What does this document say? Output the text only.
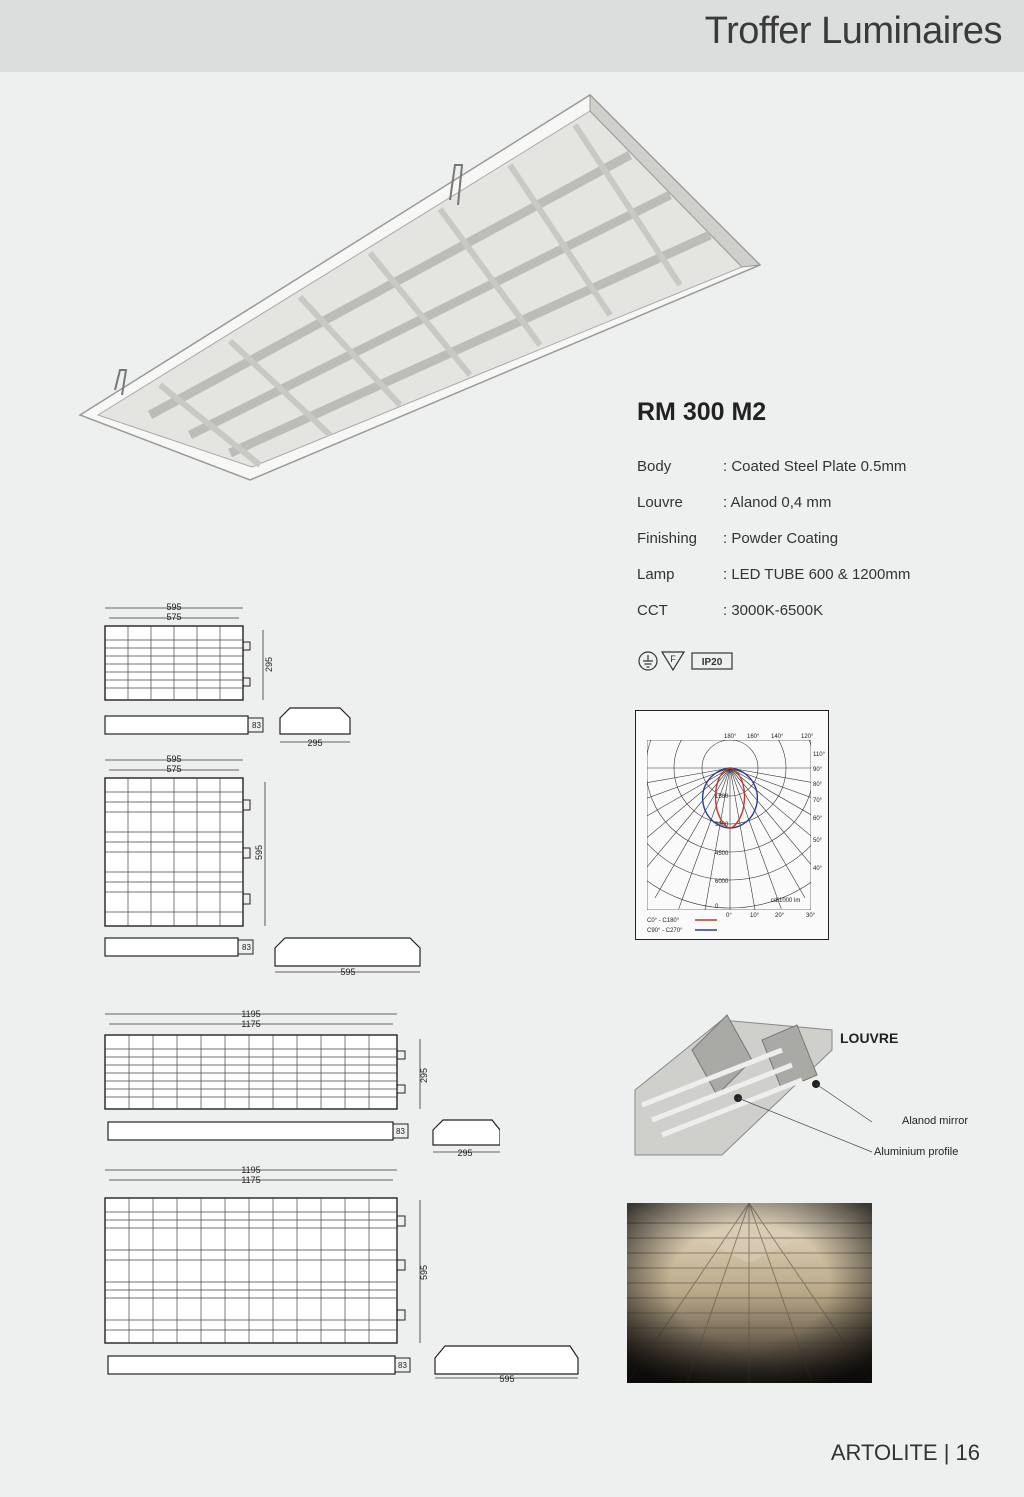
Troffer Luminaires
RM 300 M2
Body	: Coated Steel Plate 0.5mm
Louvre	: Alanod 0,4 mm
Finishing : Powder Coating
Lamp	: LED TUBE 600 & 1200mm
CCT	: 3000K-6500K
F	IP20
180° 160° 140°	120°
110°
90°
80°
70°
60°
50°
40°
0°	10°	20°	30°
1500
3000
4500
6000
0
cd/1000 lm
C0° - C180°
C90° - C270°
595
575
295
83
295
595
575
595
83
595
1195
1175
295
83
295
1195
1175
595
83
595
LOUVRE
Alanod mirror
Aluminium profile
ARTOLITE | 16
